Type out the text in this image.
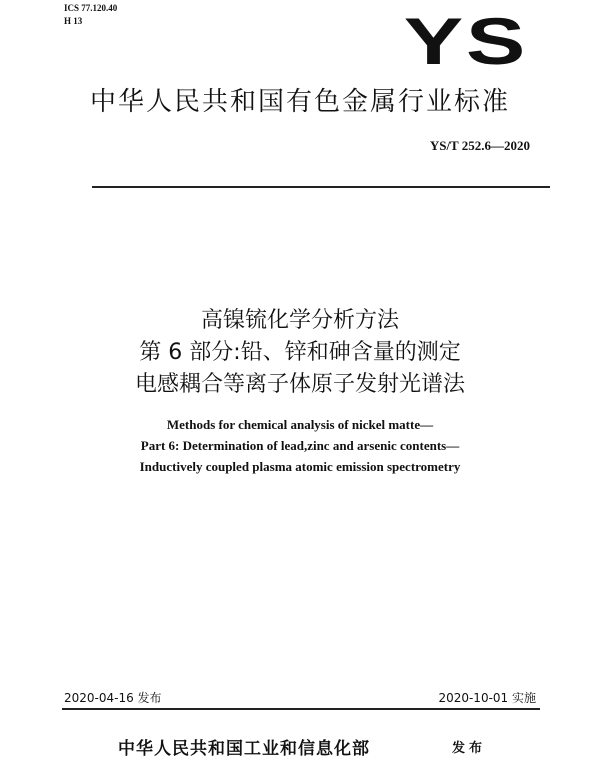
ICS 77.120.40
H 13	YS
中华人民共和国有色金属行业标准
YS/T 252.6—2020
高镍锍化学分析方法
第 6 部分:铅、锌和砷含量的测定
电感耦合等离子体原子发射光谱法
Methods for chemical analysis of nickel matte—
Part 6: Determination of lead,zinc and arsenic contents—
Inductively coupled plasma atomic emission spectrometry
2020-04-16 发布	2020-10-01 实施
中华人民共和国工业和信息化部	发布
